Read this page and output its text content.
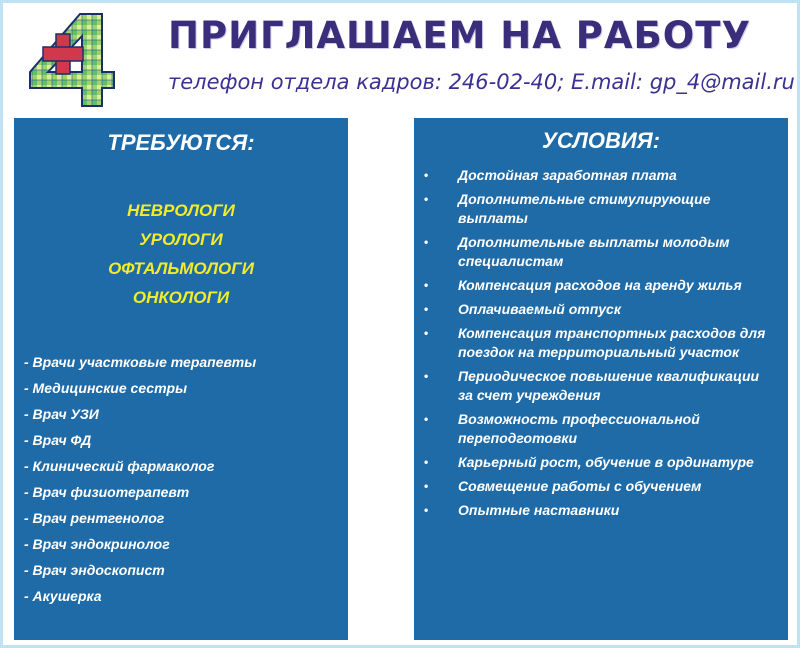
ПРИГЛАШАЕМ НА РАБОТУ
телефон отдела кадров: 246-02-40; E.mail: gp_4@mail.ru
ТРЕБУЮТСЯ:
НЕВРОЛОГИ
УРОЛОГИ
ОФТАЛЬМОЛОГИ
ОНКОЛОГИ
- Врачи участковые терапевты
- Медицинские сестры
- Врач УЗИ
- Врач ФД
- Клинический фармаколог
- Врач физиотерапевт
- Врач рентгенолог
- Врач эндокринолог
- Врач эндоскопист
- Акушерка
УСЛОВИЯ:
• Достойная заработная плата
• Дополнительные стимулирующие выплаты
• Дополнительные выплаты молодым специалистам
• Компенсация расходов на аренду жилья
• Оплачиваемый отпуск
• Компенсация транспортных расходов для поездок на территориальный участок
• Периодическое повышение квалификации за счет учреждения
• Возможность профессиональной переподготовки
• Карьерный рост, обучение в ординатуре
• Совмещение работы с обучением
• Опытные наставники
